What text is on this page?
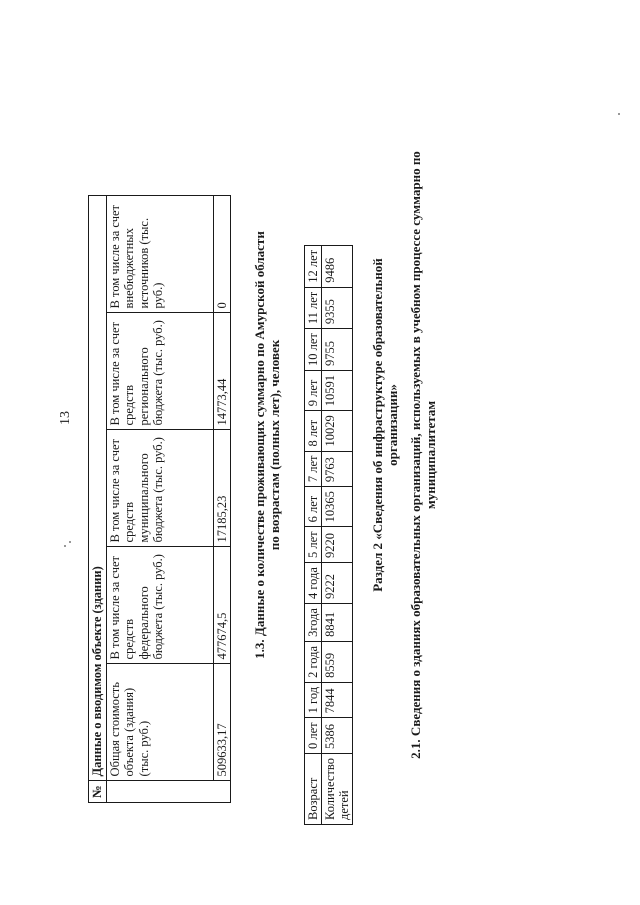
13
№	Данные о вводимом объекте (здании)				
	Общая стоимость объекта (здания) (тыс. руб.)	В том числе за счет средств федерального бюджета (тыс. руб.)	В том числе за счет средств муниципального бюджета (тыс. руб.)	В том числе за счет средств регионального бюджета (тыс. руб.)	В том числе за счет внебюджетных источников (тыс. руб.)
	509633,17	477674,5	17185,23	14773,44	0 1.3. Данные о количестве проживающих суммарно по Амурской области по возрастам (полных лет), человек
Возраст	0 лет	1 год	2 года	3года	4 года	5 лет	6 лет	7 лет	8 лет	9 лет	10 лет	11 лет	12 лет
Количество детей	5386	7844	8559	8841	9222	9220	10365	9763	10029	10591	9755	9355	9486	Раздел 2 «Сведения об инфраструктуре образовательной организации» 2.1. Сведения о зданиях образовательных организаций, используемых в учебном процессе суммарно по муниципалитетам
